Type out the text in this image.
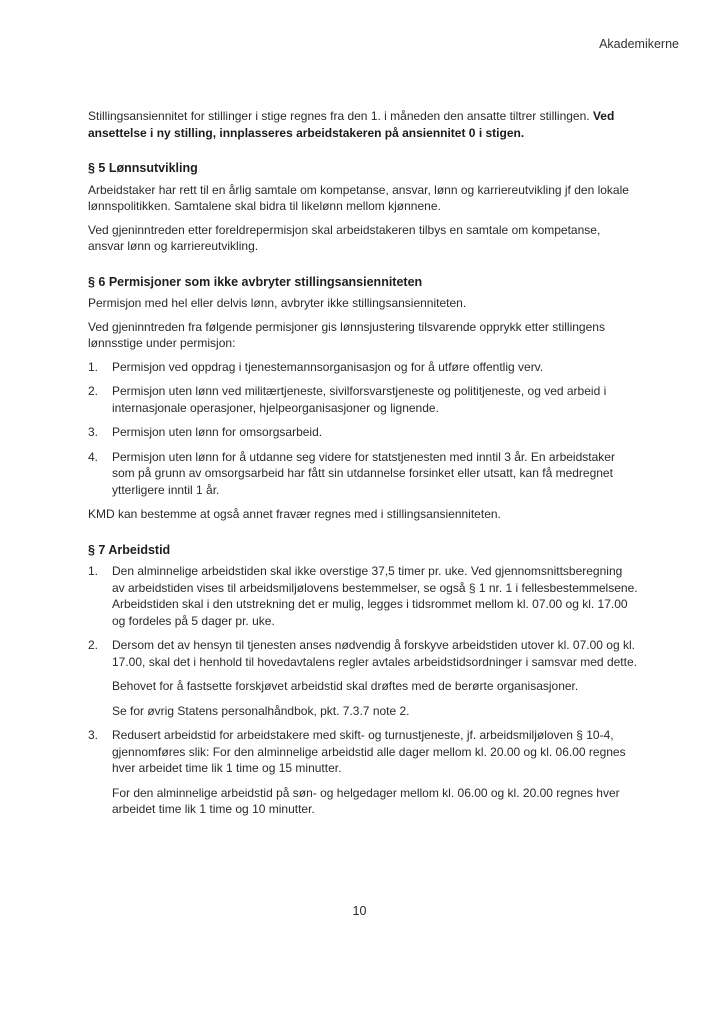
Akademikerne

Stillingsansiennitet for stillinger i stige regnes fra den 1. i måneden den ansatte tiltrer stillingen. Ved ansettelse i ny stilling, innplasseres arbeidstakeren på ansiennitet 0 i stigen.

§ 5 Lønnsutvikling

Arbeidstaker har rett til en årlig samtale om kompetanse, ansvar, lønn og karriereutvikling jf den lokale lønnspolitikken. Samtalene skal bidra til likelønn mellom kjønnene.

Ved gjeninntreden etter foreldrepermisjon skal arbeidstakeren tilbys en samtale om kompetanse, ansvar lønn og karriereutvikling.

§ 6 Permisjoner som ikke avbryter stillingsansienniteten

Permisjon med hel eller delvis lønn, avbryter ikke stillingsansienniteten.

Ved gjeninntreden fra følgende permisjoner gis lønnsjustering tilsvarende opprykk etter stillingens lønnsstige under permisjon:

1. Permisjon ved oppdrag i tjenestemannsorganisasjon og for å utføre offentlig verv.

2. Permisjon uten lønn ved militærtjeneste, sivilforsvarstjeneste og polititjeneste, og ved arbeid i internasjonale operasjoner, hjelpeorganisasjoner og lignende.

3. Permisjon uten lønn for omsorgsarbeid.

4. Permisjon uten lønn for å utdanne seg videre for statstjenesten med inntil 3 år. En arbeidstaker som på grunn av omsorgsarbeid har fått sin utdannelse forsinket eller utsatt, kan få medregnet ytterligere inntil 1 år.

KMD kan bestemme at også annet fravær regnes med i stillingsansienniteten.

§ 7 Arbeidstid
1. Den alminnelige arbeidstiden skal ikke overstige 37,5 timer pr. uke. Ved gjennomsnittsberegning av arbeidstiden vises til arbeidsmiljølovens bestemmelser, se også § 1 nr. 1 i fellesbestemmelsene. Arbeidstiden skal i den utstrekning det er mulig, legges i tidsrommet mellom kl. 07.00 og kl. 17.00 og fordeles på 5 dager pr. uke.

2. Dersom det av hensyn til tjenesten anses nødvendig å forskyve arbeidstiden utover kl. 07.00 og kl. 17.00, skal det i henhold til hovedavtalens regler avtales arbeidstidsordninger i samsvar med dette.

Behovet for å fastsette forskjøvet arbeidstid skal drøftes med de berørte organisasjoner.

Se for øvrig Statens personalhåndbok, pkt. 7.3.7 note 2.

3. Redusert arbeidstid for arbeidstakere med skift- og turnustjeneste, jf. arbeidsmiljøloven § 10-4, gjennomføres slik: For den alminnelige arbeidstid alle dager mellom kl. 20.00 og kl. 06.00 regnes hver arbeidet time lik 1 time og 15 minutter.

For den alminnelige arbeidstid på søn- og helgedager mellom kl. 06.00 og kl. 20.00 regnes hver arbeidet time lik 1 time og 10 minutter.

10
